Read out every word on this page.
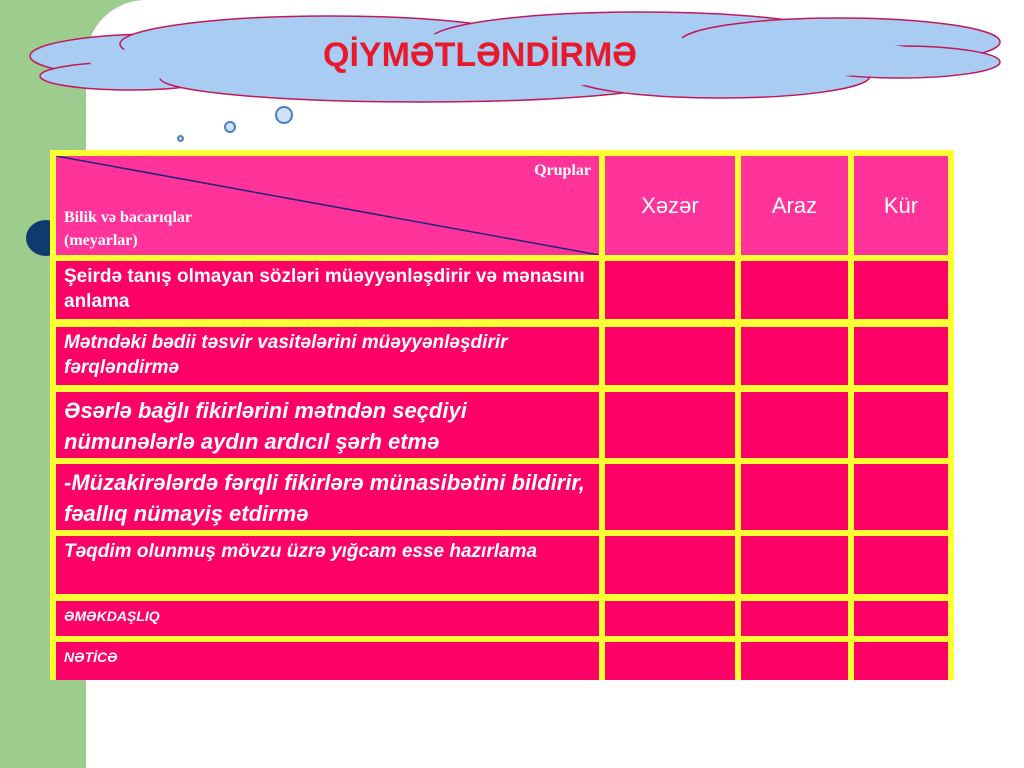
QİYMƏTLƏNDİRMƏ
Qruplar
Bilik və bacarıqlar
(meyarlar)
Xəzər	Araz	Kür
Şeirdə tanış olmayan sözləri müəyyənləşdirir və mənasını anlama
Mətndəki bədii təsvir vasitələrini müəyyənləşdirir fərqləndirmə
Əsərlə bağlı fikirlərini mətndən seçdiyi nümunələrlə aydın ardıcıl şərh etmə
-Müzakirələrdə fərqli fikirlərə münasibətini bildirir, fəallıq nümayiş etdirmə
Təqdim olunmuş mövzu üzrə yığcam esse hazırlama
ƏMƏKDAŞLIQ
NƏTİCƏ
